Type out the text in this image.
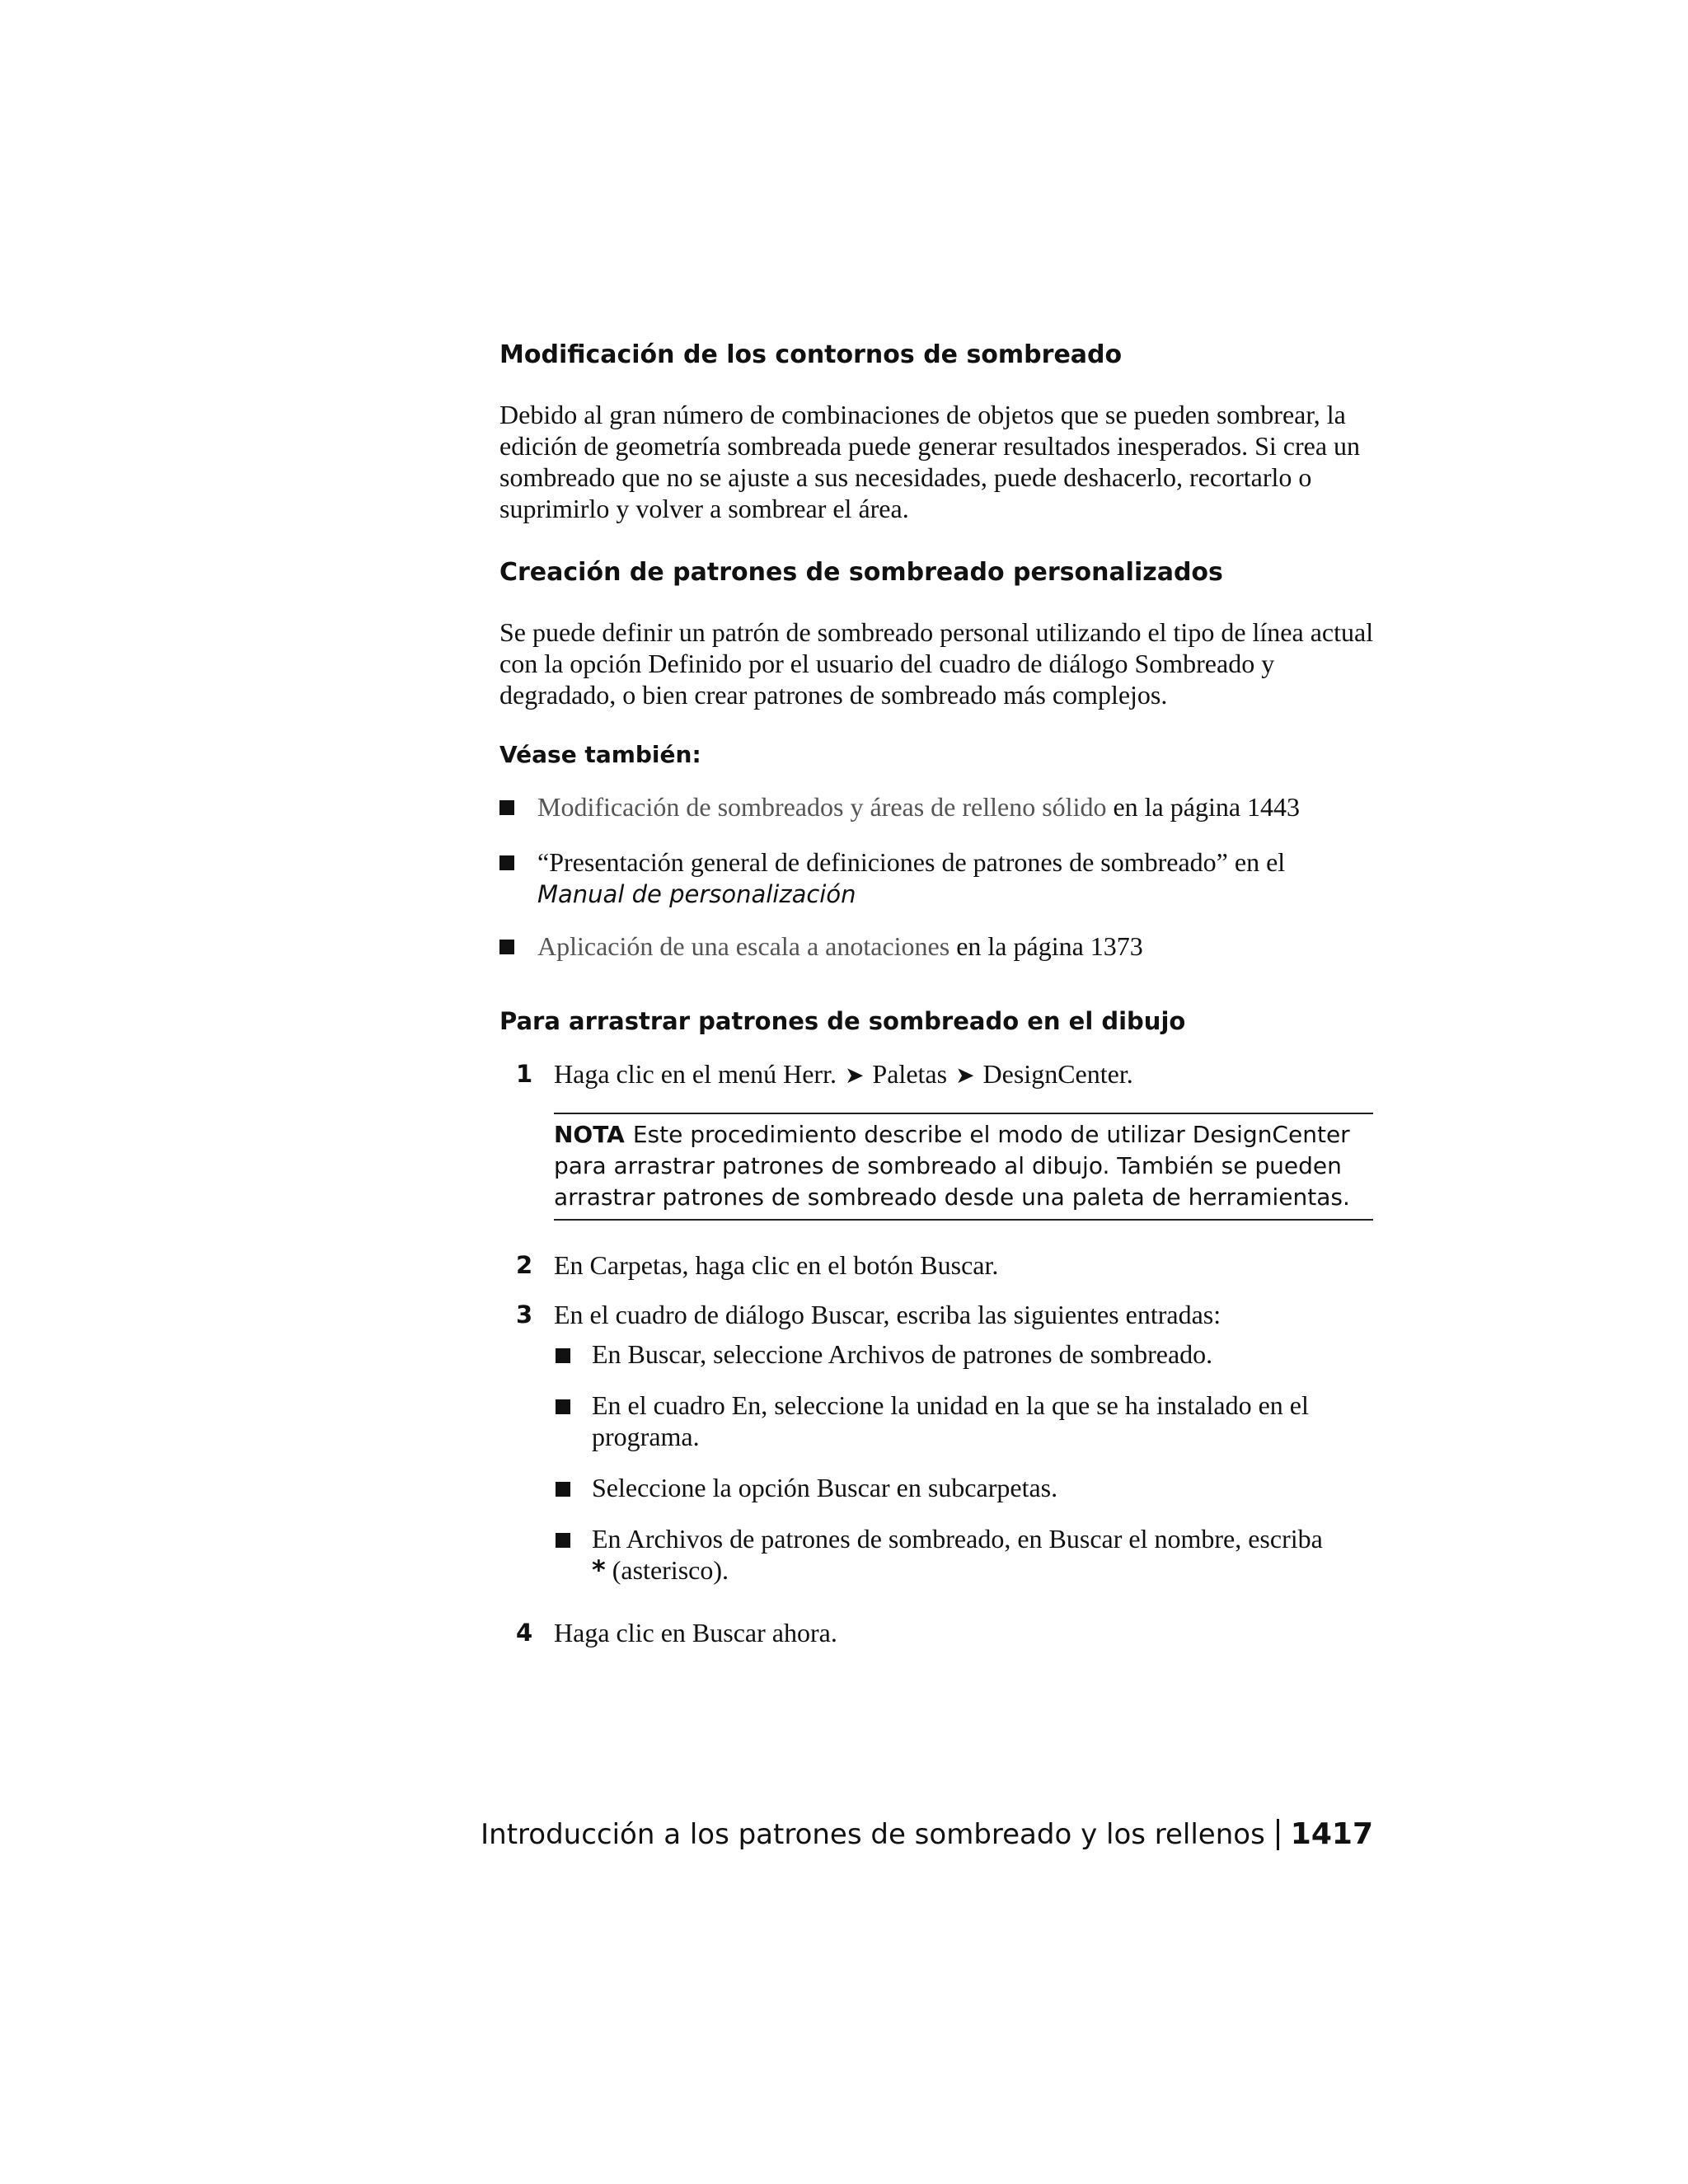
Modificación de los contornos de sombreado

Debido al gran número de combinaciones de objetos que se pueden sombrear, la edición de geometría sombreada puede generar resultados inesperados. Si crea un sombreado que no se ajuste a sus necesidades, puede deshacerlo, recortarlo o suprimirlo y volver a sombrear el área.

Creación de patrones de sombreado personalizados

Se puede definir un patrón de sombreado personal utilizando el tipo de línea actual con la opción Definido por el usuario del cuadro de diálogo Sombreado y degradado, o bien crear patrones de sombreado más complejos.

Véase también:

Modificación de sombreados y áreas de relleno sólido en la página 1443

“Presentación general de definiciones de patrones de sombreado” en el
Manual de personalización

Aplicación de una escala a anotaciones en la página 1373

Para arrastrar patrones de sombreado en el dibujo
1 Haga clic en el menú Herr. ➤ Paletas ➤ DesignCenter.

NOTA Este procedimiento describe el modo de utilizar DesignCenter para arrastrar patrones de sombreado al dibujo. También se pueden arrastrar patrones de sombreado desde una paleta de herramientas.

2 En Carpetas, haga clic en el botón Buscar.

3 En el cuadro de diálogo Buscar, escriba las siguientes entradas:

En Buscar, seleccione Archivos de patrones de sombreado.

En el cuadro En, seleccione la unidad en la que se ha instalado en el programa.

Seleccione la opción Buscar en subcarpetas.

En Archivos de patrones de sombreado, en Buscar el nombre, escriba
* (asterisco).

4 Haga clic en Buscar ahora.

Introducción a los patrones de sombreado y los rellenos 1417
